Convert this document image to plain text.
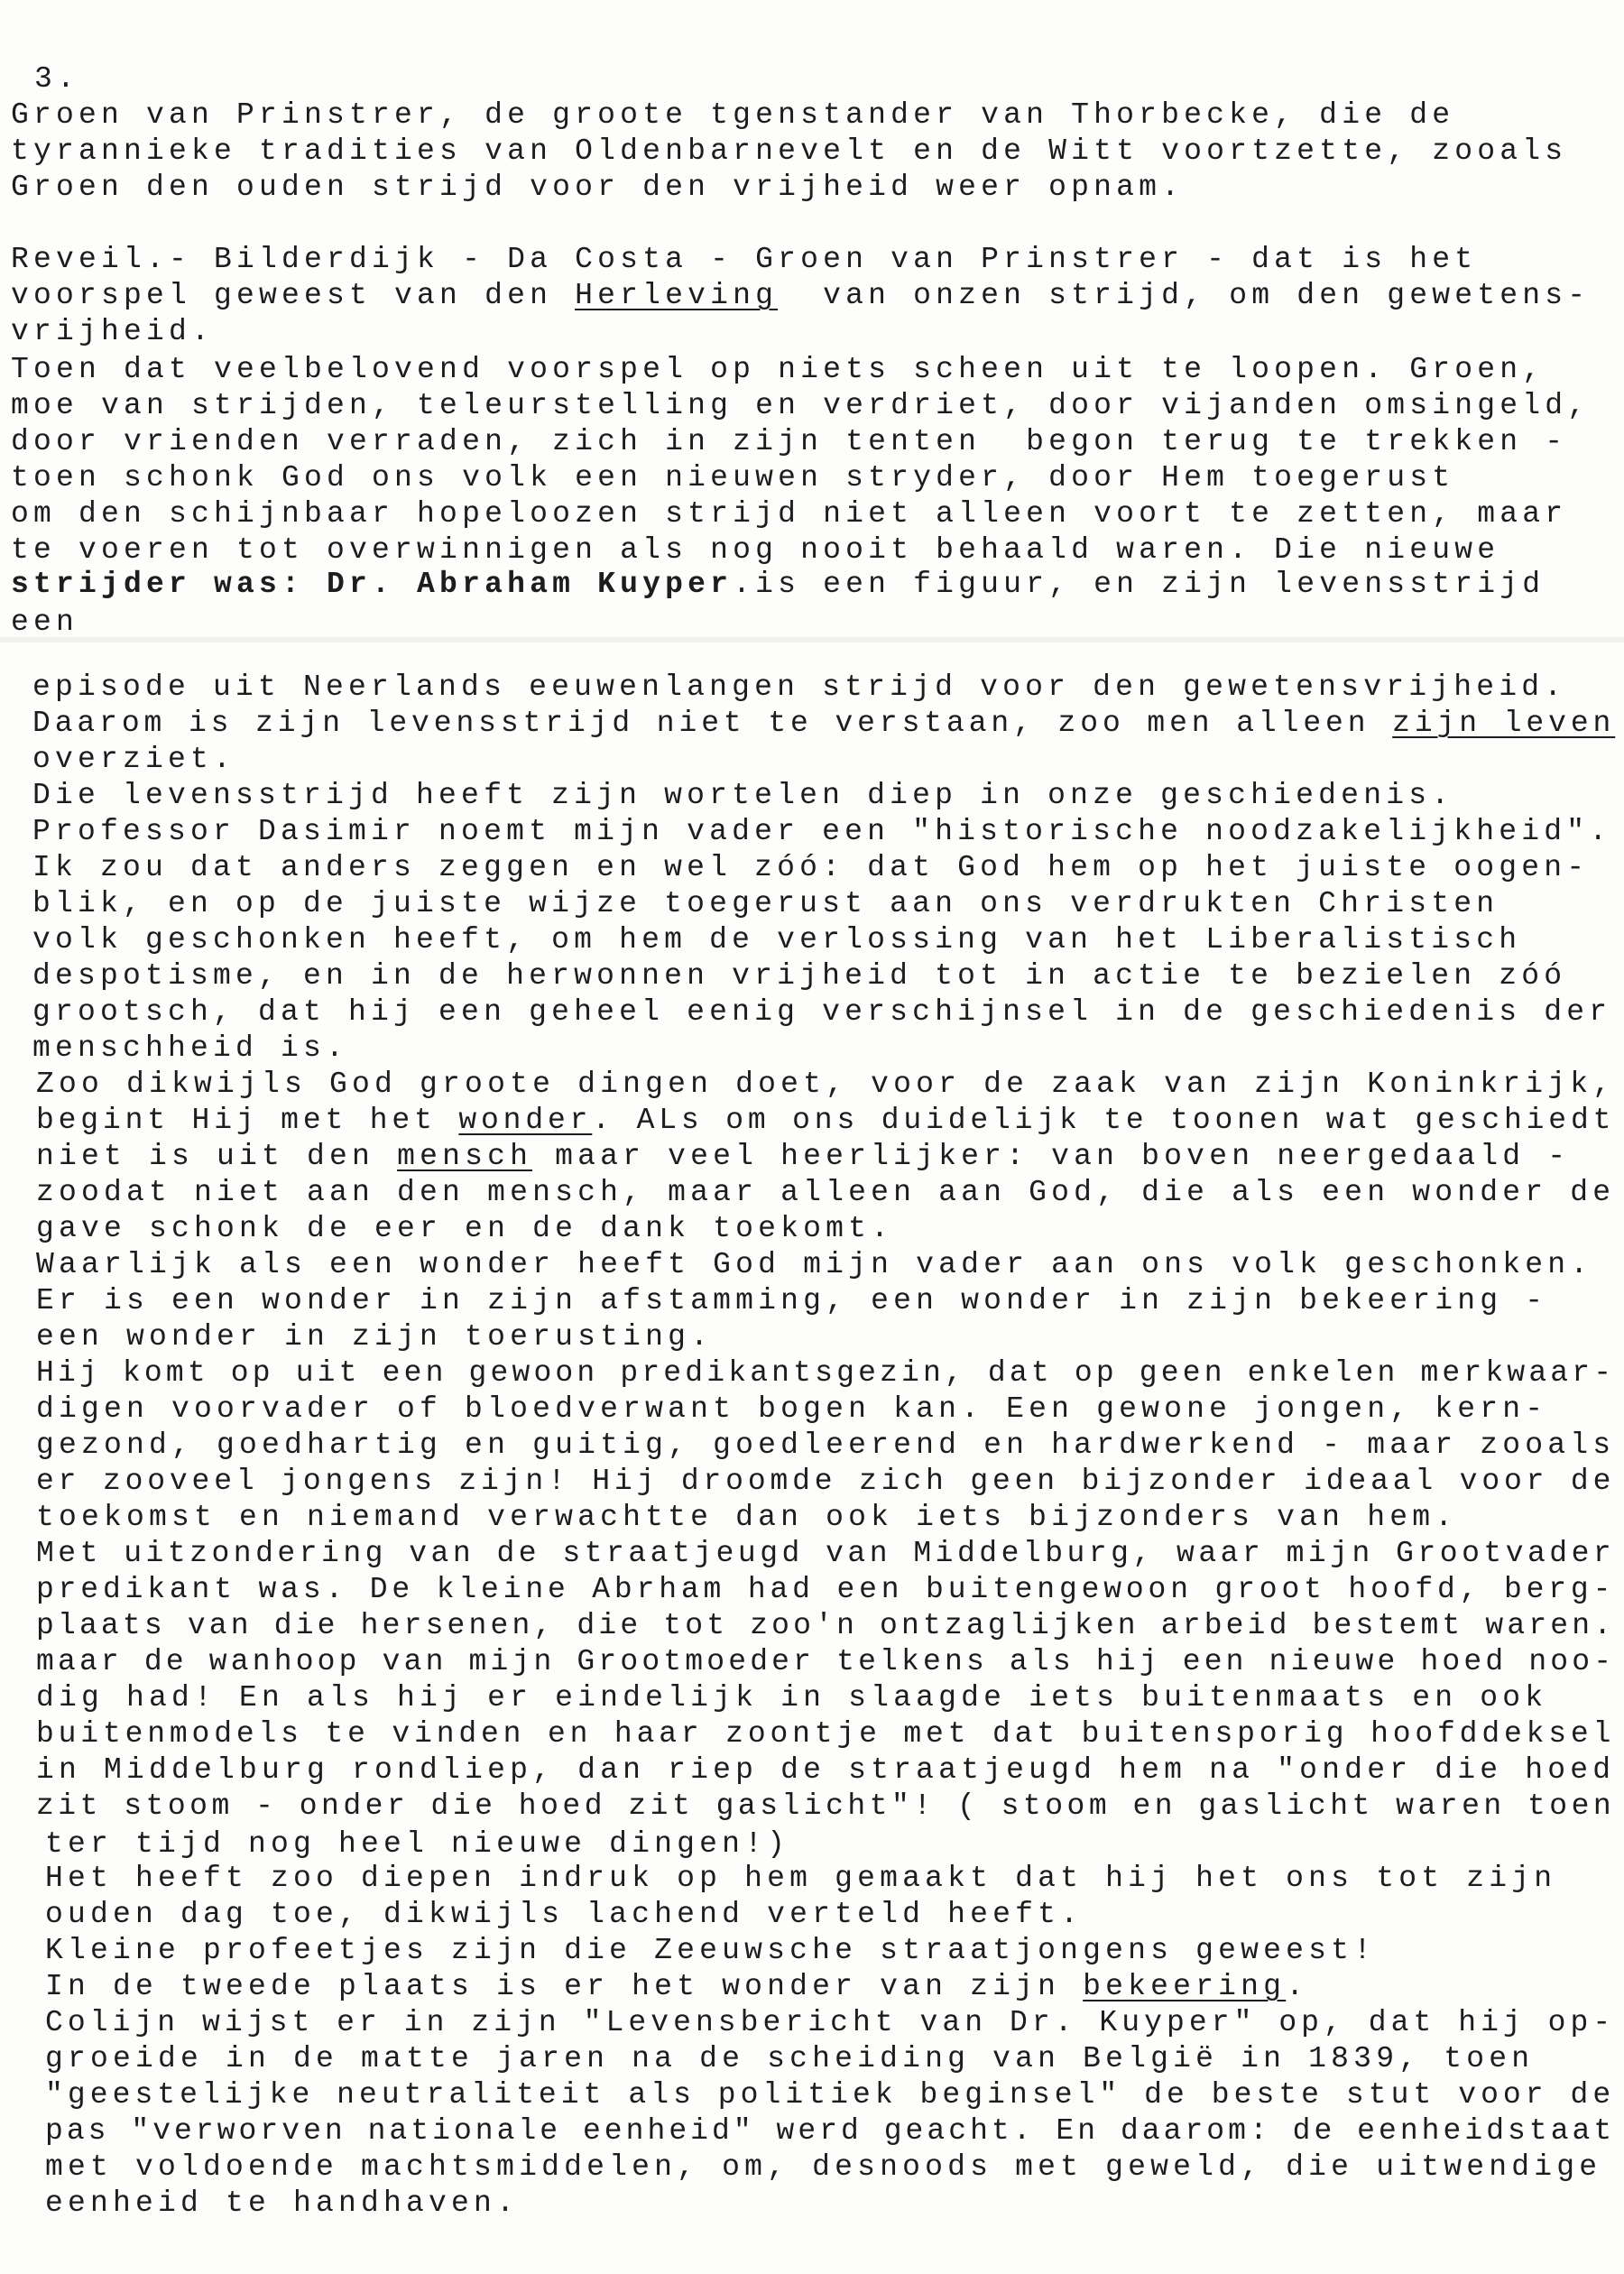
3.
Groen van Prinstrer, de groote tgenstander van Thorbecke, die de
tyrannieke tradities van Oldenbarnevelt en de Witt voortzette, zooals
Groen den ouden strijd voor den vrijheid weer opnam.
Reveil.- Bilderdijk - Da Costa - Groen van Prinstrer - dat is het
voorspel geweest van den Herleving  van onzen strijd, om den gewetens-
vrijheid.
Toen dat veelbelovend voorspel op niets scheen uit te loopen. Groen,
moe van strijden, teleurstelling en verdriet, door vijanden omsingeld,
door vrienden verraden, zich in zijn tenten  begon terug te trekken -
toen schonk God ons volk een nieuwen stryder, door Hem toegerust
om den schijnbaar hopeloozen strijd niet alleen voort te zetten, maar
te voeren tot overwinnigen als nog nooit behaald waren. Die nieuwe
strijder was: Dr. Abraham Kuyper.is een figuur, en zijn levensstrijd
een
episode uit Neerlands eeuwenlangen strijd voor den gewetensvrijheid.
Daarom is zijn levensstrijd niet te verstaan, zoo men alleen zijn leven
overziet.
Die levensstrijd heeft zijn wortelen diep in onze geschiedenis.
Professor Dasimir noemt mijn vader een "historische noodzakelijkheid".
Ik zou dat anders zeggen en wel zóó: dat God hem op het juiste oogen-
blik, en op de juiste wijze toegerust aan ons verdrukten Christen
volk geschonken heeft, om hem de verlossing van het Liberalistisch
despotisme, en in de herwonnen vrijheid tot in actie te bezielen zóó
grootsch, dat hij een geheel eenig verschijnsel in de geschiedenis der
menschheid is.
Zoo dikwijls God groote dingen doet, voor de zaak van zijn Koninkrijk,
begint Hij met het wonder. ALs om ons duidelijk te toonen wat geschiedt
niet is uit den mensch maar veel heerlijker: van boven neergedaald -
zoodat niet aan den mensch, maar alleen aan God, die als een wonder de
gave schonk de eer en de dank toekomt.
Waarlijk als een wonder heeft God mijn vader aan ons volk geschonken.
Er is een wonder in zijn afstamming, een wonder in zijn bekeering -
een wonder in zijn toerusting.
Hij komt op uit een gewoon predikantsgezin, dat op geen enkelen merkwaar-
digen voorvader of bloedverwant bogen kan. Een gewone jongen, kern-
gezond, goedhartig en guitig, goedleerend en hardwerkend - maar zooals
er zooveel jongens zijn! Hij droomde zich geen bijzonder ideaal voor de
toekomst en niemand verwachtte dan ook iets bijzonders van hem.
Met uitzondering van de straatjeugd van Middelburg, waar mijn Grootvader
predikant was. De kleine Abrham had een buitengewoon groot hoofd, berg-
plaats van die hersenen, die tot zoo'n ontzaglijken arbeid bestemt waren.
maar de wanhoop van mijn Grootmoeder telkens als hij een nieuwe hoed noo-
dig had! En als hij er eindelijk in slaagde iets buitenmaats en ook
buitenmodels te vinden en haar zoontje met dat buitensporig hoofddeksel
in Middelburg rondliep, dan riep de straatjeugd hem na "onder die hoed
zit stoom - onder die hoed zit gaslicht"! ( stoom en gaslicht waren toen
ter tijd nog heel nieuwe dingen!)
Het heeft zoo diepen indruk op hem gemaakt dat hij het ons tot zijn
ouden dag toe, dikwijls lachend verteld heeft.
Kleine profeetjes zijn die Zeeuwsche straatjongens geweest!
In de tweede plaats is er het wonder van zijn bekeering.
Colijn wijst er in zijn "Levensbericht van Dr. Kuyper" op, dat hij op-
groeide in de matte jaren na de scheiding van België in 1839, toen
"geestelijke neutraliteit als politiek beginsel" de beste stut voor de
pas "verworven nationale eenheid" werd geacht. En daarom: de eenheidstaat
met voldoende machtsmiddelen, om, desnoods met geweld, die uitwendige
eenheid te handhaven.
